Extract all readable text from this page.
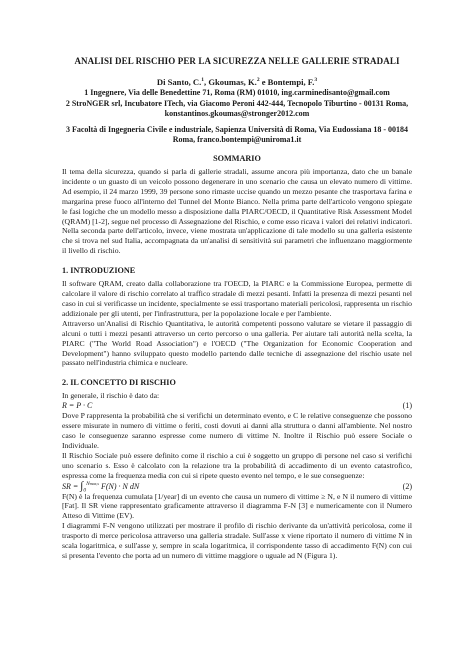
ANALISI DEL RISCHIO PER LA SICUREZZA NELLE GALLERIE STRADALI
Di Santo, C.$^1$, Gkoumas, K.$^2$ e Bontempi, F.$^3$
1 Ingegnere, Via delle Benedettine 71, Roma (RM) 01010, ing.carminedisanto@gmail.com
2 StroNGER srl, Incubatore ITech, via Giacomo Peroni 442-444, Tecnopolo Tiburtino - 00131 Roma, konstantinos.gkoumas@stronger2012.com
3 Facoltà di Ingegneria Civile e industriale, Sapienza Università di Roma, Via Eudossiana 18 - 00184 Roma, franco.bontempi@uniroma1.it
SOMMARIO

Il tema della sicurezza, quando si parla di gallerie stradali, assume ancora più importanza, dato che un banale incidente o un guasto di un veicolo possono degenerare in uno scenario che causa un elevato numero di vittime. Ad esempio, il 24 marzo 1999, 39 persone sono rimaste uccise quando un mezzo pesante che trasportava farina e margarina prese fuoco all'interno del Tunnel del Monte Bianco. Nella prima parte dell'articolo vengono spiegate le fasi logiche che un modello messo a disposizione dalla PIARC/OECD, il Quantitative Risk Assessment Model (QRAM) [1-2], segue nel processo di Assegnazione del Rischio, e come esso ricava i valori dei relativi indicatori. Nella seconda parte dell'articolo, invece, viene mostrata un'applicazione di tale modello su una galleria esistente che si trova nel sud Italia, accompagnata da un'analisi di sensitività sui parametri che influenzano maggiormente il livello di rischio.

1. INTRODUZIONE

Il software QRAM, creato dalla collaborazione tra l'OECD, la PIARC e la Commissione Europea, permette di calcolare il valore di rischio correlato al traffico stradale di mezzi pesanti. Infatti la presenza di mezzi pesanti nel caso in cui si verificasse un incidente, specialmente se essi trasportano materiali pericolosi, rappresenta un rischio addizionale per gli utenti, per l'infrastruttura, per la popolazione locale e per l'ambiente.

Attraverso un'Analisi di Rischio Quantitativa, le autorità competenti possono valutare se vietare il passaggio di alcuni o tutti i mezzi pesanti attraverso un certo percorso o una galleria. Per aiutare tali autorità nella scelta, la PIARC ("The World Road Association") e l'OECD ("The Organization for Economic Cooperation and Development") hanno sviluppato questo modello partendo dalle tecniche di assegnazione del rischio usate nel passato nell'industria chimica e nucleare.

2. IL CONCETTO DI RISCHIO

In generale, il rischio è dato da:

R = P · C	(1)

Dove P rappresenta la probabilità che si verifichi un determinato evento, e C le relative conseguenze che possono essere misurate in numero di vittime o feriti, costi dovuti ai danni alla struttura o danni all'ambiente. Nel nostro caso le conseguenze saranno espresse come numero di vittime N. Inoltre il Rischio può essere Sociale o Individuale.

Il Rischio Sociale può essere definito come il rischio a cui è soggetto un gruppo di persone nel caso si verifichi uno scenario s. Esso è calcolato con la relazione tra la probabilità di accadimento di un evento catastrofico, espressa come la frequenza media con cui si ripete questo evento nel tempo, e le sue conseguenze:

SR = $\int_0^{Nmax,s}$ F(N) · N dN	(2)

F(N) è la frequenza cumulata [1/year] di un evento che causa un numero di vittime ≥ N, e N il numero di vittime [Fat]. Il SR viene rappresentato graficamente attraverso il diagramma F-N [3] e numericamente con il Numero Atteso di Vittime (EV).

I diagrammi F-N vengono utilizzati per mostrare il profilo di rischio derivante da un'attività pericolosa, come il trasporto di merce pericolosa attraverso una galleria stradale. Sull'asse x viene riportato il numero di vittime N in scala logaritmica, e sull'asse y, sempre in scala logaritmica, il corrispondente tasso di accadimento F(N) con cui si presenta l'evento che porta ad un numero di vittime maggiore o uguale ad N (Figura 1).
